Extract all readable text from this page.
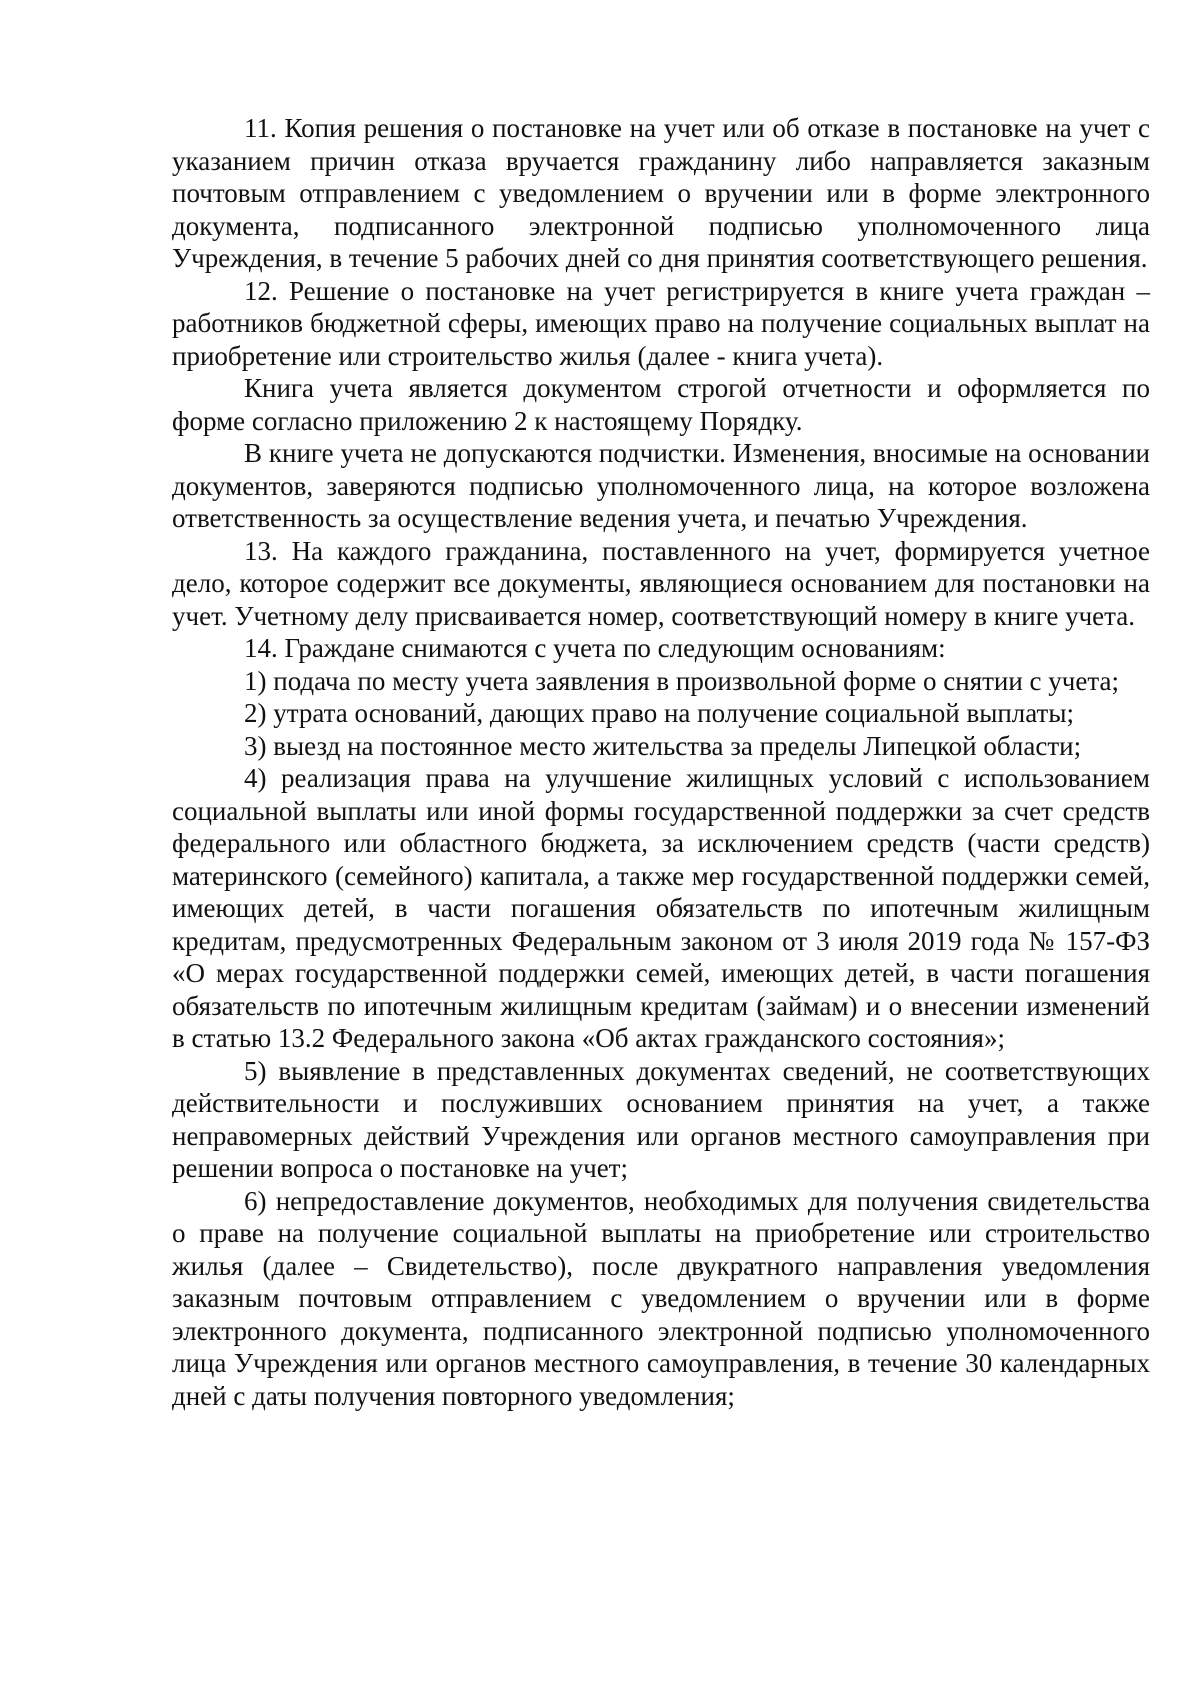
11. Копия решения о постановке на учет или об отказе в постановке на учет с указанием причин отказа вручается гражданину либо направляется заказным почтовым отправлением с уведомлением о вручении или в форме электронного документа, подписанного электронной подписью уполномоченного лица Учреждения, в течение 5 рабочих дней со дня принятия соответствующего решения.

12. Решение о постановке на учет регистрируется в книге учета граждан – работников бюджетной сферы, имеющих право на получение социальных выплат на приобретение или строительство жилья (далее - книга учета).

Книга учета является документом строгой отчетности и оформляется по форме согласно приложению 2 к настоящему Порядку.

В книге учета не допускаются подчистки. Изменения, вносимые на основании документов, заверяются подписью уполномоченного лица, на которое возложена ответственность за осуществление ведения учета, и печатью Учреждения.

13. На каждого гражданина, поставленного на учет, формируется учетное дело, которое содержит все документы, являющиеся основанием для постановки на учет. Учетному делу присваивается номер, соответствующий номеру в книге учета.

14. Граждане снимаются с учета по следующим основаниям:

1) подача по месту учета заявления в произвольной форме о снятии с учета;

2) утрата оснований, дающих право на получение социальной выплаты;

3) выезд на постоянное место жительства за пределы Липецкой области;

4) реализация права на улучшение жилищных условий с использованием социальной выплаты или иной формы государственной поддержки за счет средств федерального или областного бюджета, за исключением средств (части средств) материнского (семейного) капитала, а также мер государственной поддержки семей, имеющих детей, в части погашения обязательств по ипотечным жилищным кредитам, предусмотренных Федеральным законом от 3 июля 2019 года № 157-ФЗ «О мерах государственной поддержки семей, имеющих детей, в части погашения обязательств по ипотечным жилищным кредитам (займам) и о внесении изменений в статью 13.2 Федерального закона «Об актах гражданского состояния»;

5) выявление в представленных документах сведений, не соответствующих действительности и послуживших основанием принятия на учет, а также неправомерных действий Учреждения или органов местного самоуправления при решении вопроса о постановке на учет;

6) непредоставление документов, необходимых для получения свидетельства о праве на получение социальной выплаты на приобретение или строительство жилья (далее – Свидетельство), после двукратного направления уведомления заказным почтовым отправлением с уведомлением о вручении или в форме электронного документа, подписанного электронной подписью уполномоченного лица Учреждения или органов местного самоуправления, в течение 30 календарных дней с даты получения повторного уведомления;
